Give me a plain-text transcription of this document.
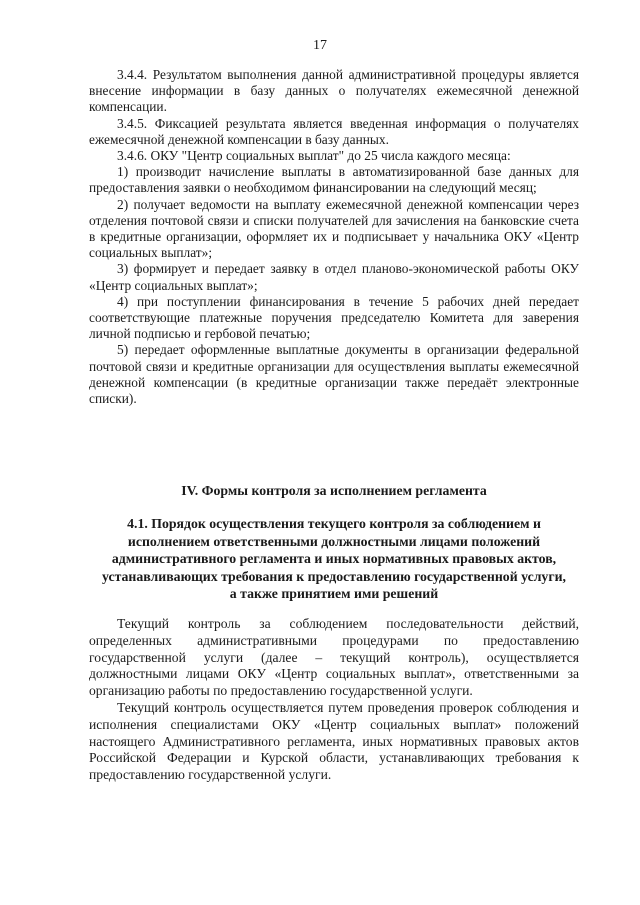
17

3.4.4. Результатом выполнения данной административной процедуры является внесение информации в базу данных о получателях ежемесячной денежной компенсации.

3.4.5. Фиксацией результата является введенная информация о получателях ежемесячной денежной компенсации в базу данных.

3.4.6. ОКУ "Центр социальных выплат" до 25 числа каждого месяца:

1) производит начисление выплаты в автоматизированной базе данных для предоставления заявки о необходимом финансировании на следующий месяц;

2) получает ведомости на выплату ежемесячной денежной компенсации через отделения почтовой связи и списки получателей для зачисления на банковские счета в кредитные организации, оформляет их и подписывает у начальника ОКУ «Центр социальных выплат»;

3) формирует и передает заявку в отдел планово-экономической работы ОКУ «Центр социальных выплат»;

4) при поступлении финансирования в течение 5 рабочих дней передает соответствующие платежные поручения председателю Комитета для заверения личной подписью и гербовой печатью;

5) передает оформленные выплатные документы в организации федеральной почтовой связи и кредитные организации для осуществления выплаты ежемесячной денежной компенсации (в кредитные организации также передаёт электронные списки).

IV. Формы контроля за исполнением регламента

4.1. Порядок осуществления текущего контроля за соблюдением и исполнением ответственными должностными лицами положений административного регламента и иных нормативных правовых актов, устанавливающих требования к предоставлению государственной услуги, а также принятием ими решений

Текущий контроль за соблюдением последовательности действий, определенных административными процедурами по предоставлению государственной услуги (далее – текущий контроль), осуществляется должностными лицами ОКУ «Центр социальных выплат», ответственными за организацию работы по предоставлению государственной услуги.

Текущий контроль осуществляется путем проведения проверок соблюдения и исполнения специалистами ОКУ «Центр социальных выплат» положений настоящего Административного регламента, иных нормативных правовых актов Российской Федерации и Курской области, устанавливающих требования к предоставлению государственной услуги.
